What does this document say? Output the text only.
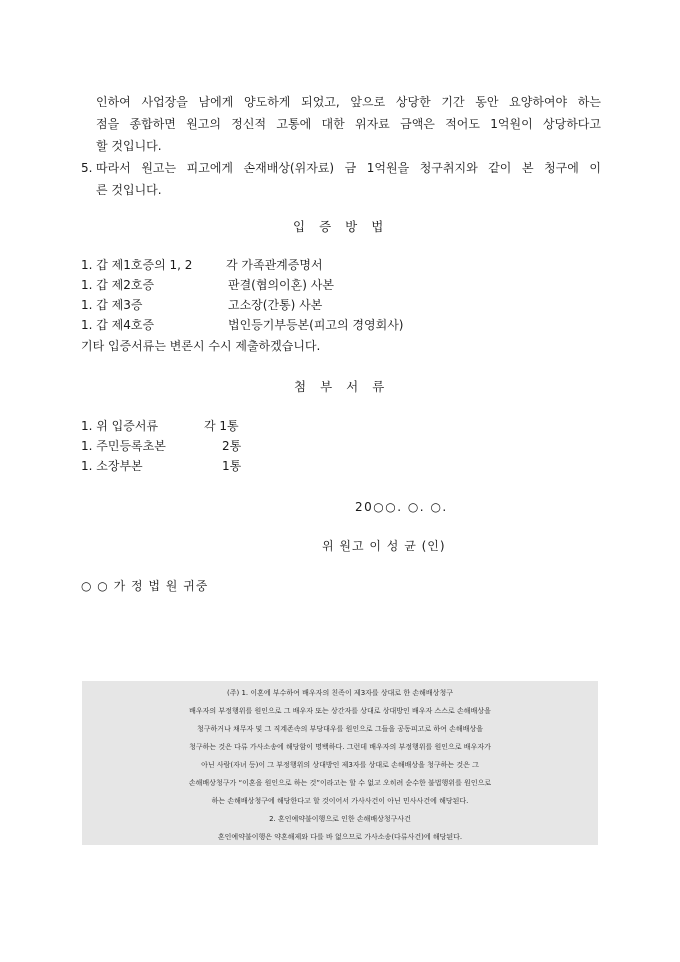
인하여 사업장을 남에게 양도하게 되었고, 앞으로 상당한 기간 동안 요양하여야 하는
점을 종합하면 원고의 정신적 고통에 대한 위자료 금액은 적어도 1억원이 상당하다고
할 것입니다.
5. 따라서 원고는 피고에게 손재배상(위자료) 금 1억원을 청구취지와 같이 본 청구에 이
른 것입니다.
입증방법
1. 갑 제1호증의 1, 2	각 가족관계증명서
1. 갑 제2호증	판결(협의이혼) 사본
1. 갑 제3증	고소장(간통) 사본
1. 갑 제4호증	법인등기부등본(피고의 경영회사)
기타 입증서류는 변론시 수시 제출하겠습니다.
첨부서류
1. 위 입증서류	각 1통
1. 주민등록초본	2통
1. 소장부본	1통
20○○. ○. ○.
위 원고 이 성 균 (인)
○ ○ 가 정 법 원 귀중
(주) 1. 이혼에 부수하여 배우자의 친족이 제3자를 상대로 한 손해배상청구
배우자의 부정행위를 원인으로 그 배우자 또는 상간자를 상대로 상대방인 배우자 스스로 손해배상을
청구하거나 채무자 및 그 직계존속의 부당대우를 원인으로 그들을 공동피고로 하여 손해배상을
청구하는 것은 다류 가사소송에 해당함이 명백하다. 그런데 배우자의 부정행위를 원인으로 배우자가
아닌 사람(자녀 등)이 그 부정행위의 상대방인 제3자를 상대로 손해배상을 청구하는 것은 그
손해배상청구가 “이혼을 원인으로 하는 것”이라고는 할 수 없고 오히려 순수한 불법행위를 원인으로
하는 손해배상청구에 해당한다고 할 것이어서 가사사건이 아닌 민사사건에 해당된다.
2. 혼인예약불이행으로 인한 손해배상청구사건
혼인예약불이행은 약혼해제와 다를 바 없으므로 가사소송(다류사건)에 해당된다.
